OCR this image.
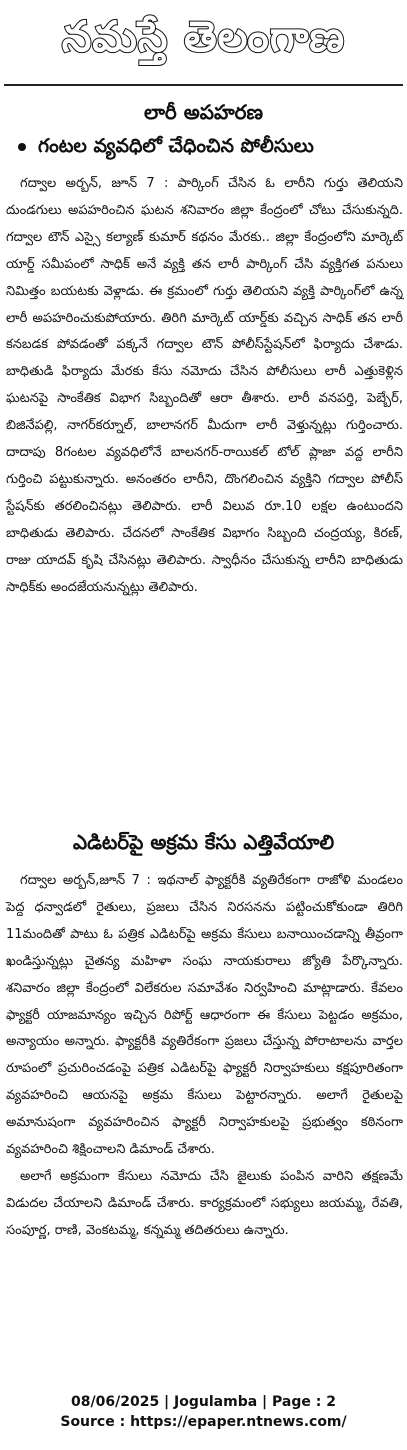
నమస్తే తెలంగాణ
లారీ అపహరణ
గంటల వ్యవధిలో చేధించిన పోలీసులు

గద్వాల అర్బన్, జూన్ 7 : పార్కింగ్ చేసిన ఓ లారీని గుర్తు తెలియని దుండగులు అపహరించిన ఘటన శనివారం జిల్లా కేంద్రంలో చోటు చేసుకున్నది. గద్వాల టౌన్ ఎస్సై కల్యాణ్ కుమార్ కథనం మేరకు.. జిల్లా కేంద్రంలోని మార్కెట్ యార్డ్ సమీపంలో సాధిక్ అనే వ్యక్తి తన లారీ పార్కింగ్ చేసి వ్యక్తిగత పనులు నిమిత్తం బయటకు వెళ్లాడు. ఈ క్రమంలో గుర్తు తెలియని వ్యక్తి పార్కింగ్‌లో ఉన్న లారీ అపహరించుకుపోయారు. తిరిగి మార్కెట్ యార్డ్‌కు వచ్చిన సాధిక్ తన లారీ కనబడక పోవడంతో పక్కనే గద్వాల టౌన్ పోలీస్‌స్టేషన్‌లో ఫిర్యాదు చేశాడు. బాధితుడి ఫిర్యాదు మేరకు కేసు నమోదు చేసిన పోలీసులు లారీ ఎత్తుకెళ్లిన ఘటనపై సాంకేతిక విభాగ సిబ్బందితో ఆరా తీశారు. లారీ వనపర్తి, పెబ్బేర్, బిజినేపల్లి, నాగర్‌కర్నూల్, బాలానగర్ మీదుగా లారీ వెళ్తున్నట్లు గుర్తించారు. దాదాపు 8గంటల వ్యవధిలోనే బాలనగర్-రాయికల్ టోల్ ప్లాజా వద్ద లారీని గుర్తించి పట్టుకున్నారు. అనంతరం లారీని, దొంగలించిన వ్యక్తిని గద్వాల పోలీస్ స్టేషన్‌కు తరలించినట్లు తెలిపారు. లారీ విలువ రూ.10 లక్షల ఉంటుందని బాధితుడు తెలిపారు. చేదనలో సాంకేతిక విభాగం సిబ్బంది చంద్రయ్య, కిరణ్, రాజు యాదవ్ కృషి చేసినట్లు తెలిపారు. స్వాధీనం చేసుకున్న లారీని బాధితుడు సాధిక్‌కు అందజేయనున్నట్లు తెలిపారు.

ఎడిటర్‌పై అక్రమ కేసు ఎత్తివేయాలి

గద్వాల అర్బన్,జూన్ 7 : ఇథనాల్ ఫ్యాక్టరీకి వ్యతిరేకంగా రాజోళి మండలం పెద్ద ధన్వాడలో రైతులు, ప్రజలు చేసిన నిరసనను పట్టించుకోకుండా తిరిగి 11మందితో పాటు ఓ పత్రిక ఎడిటర్‌పై అక్రమ కేసులు బనాయించడాన్ని తీవ్రంగా ఖండిస్తున్నట్లు చైతన్య మహిళా సంఘ నాయకురాలు జ్యోతి పేర్కొన్నారు. శనివారం జిల్లా కేంద్రంలో విలేకరుల సమావేశం నిర్వహించి మాట్లాడారు. కేవలం ఫ్యాక్టరీ యాజమాన్యం ఇచ్చిన రిపోర్ట్ ఆధారంగా ఈ కేసులు పెట్టడం అక్రమం, అన్యాయం అన్నారు. ఫ్యాక్టరీకి వ్యతిరేకంగా ప్రజలు చేస్తున్న పోరాటాలను వార్తల రూపంలో ప్రచురించడంపై పత్రిక ఎడిటర్‌పై ఫ్యాక్టరీ నిర్వాహకులు కక్షపూరితంగా వ్యవహరించి ఆయనపై అక్రమ కేసులు పెట్టారన్నారు. అలాగే రైతులపై అమానుషంగా వ్యవహరించిన ఫ్యాక్టరీ నిర్వాహకులపై ప్రభుత్వం కఠినంగా వ్యవహరించి శిక్షించాలని డిమాండ్ చేశారు.

అలాగే అక్రమంగా కేసులు నమోదు చేసి జైలుకు పంపిన వారిని తక్షణమే విడుదల చేయాలని డిమాండ్ చేశారు. కార్యక్రమంలో సభ్యులు జయమ్మ, రేవతి, సంపూర్ణ, రాణి, వెంకటమ్మ, కన్నమ్మ తదితరులు ఉన్నారు.

08/06/2025 | Jogulamba | Page : 2
Source : https://epaper.ntnews.com/
